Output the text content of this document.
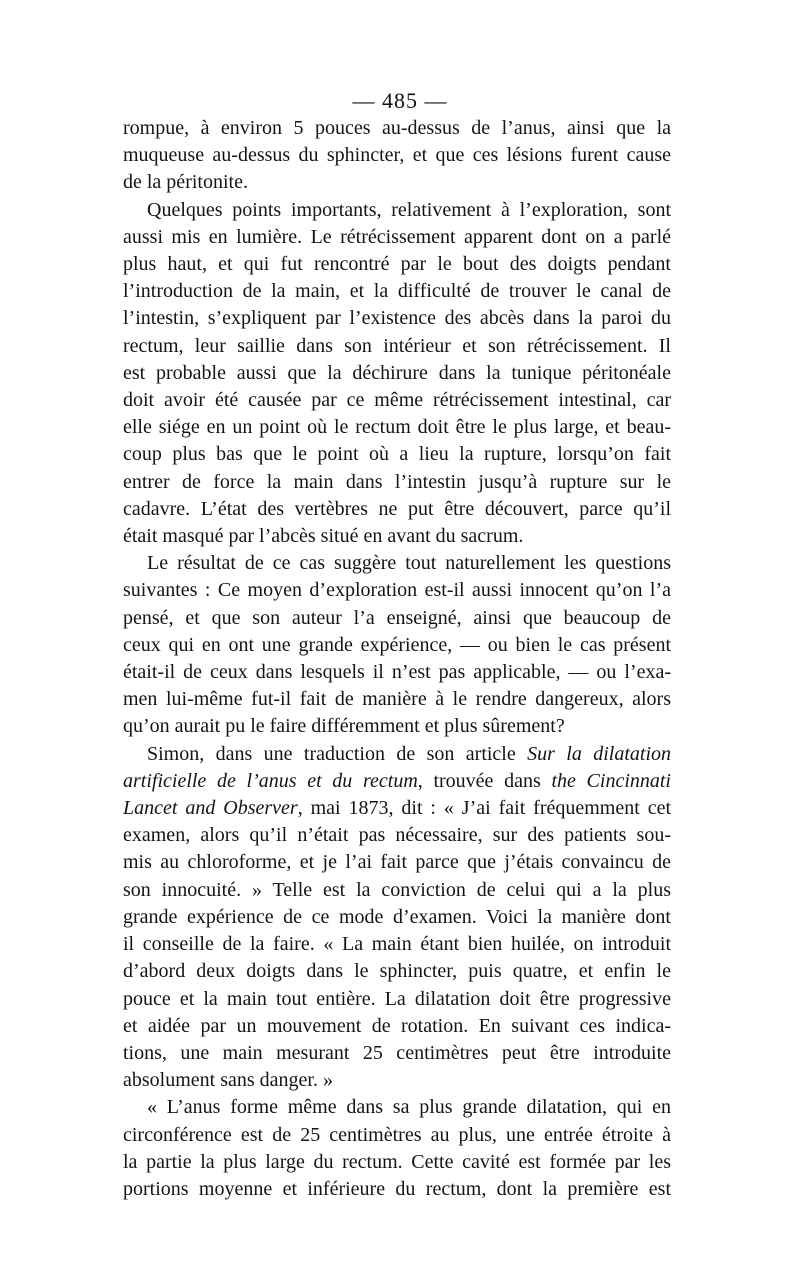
— 485 —
rompue, à environ 5 pouces au-dessus de l’anus, ainsi que la
muqueuse au-dessus du sphincter, et que ces lésions furent cause
de la péritonite.
Quelques points importants, relativement à l’exploration, sont
aussi mis en lumière. Le rétrécissement apparent dont on a parlé
plus haut, et qui fut rencontré par le bout des doigts pendant
l’introduction de la main, et la difficulté de trouver le canal de
l’intestin, s’expliquent par l’existence des abcès dans la paroi du
rectum, leur saillie dans son intérieur et son rétrécissement. Il
est probable aussi que la déchirure dans la tunique péritonéale
doit avoir été causée par ce même rétrécissement intestinal, car
elle siége en un point où le rectum doit être le plus large, et beau-
coup plus bas que le point où a lieu la rupture, lorsqu’on fait
entrer de force la main dans l’intestin jusqu’à rupture sur le
cadavre. L’état des vertèbres ne put être découvert, parce qu’il
était masqué par l’abcès situé en avant du sacrum.
Le résultat de ce cas suggère tout naturellement les questions
suivantes : Ce moyen d’exploration est-il aussi innocent qu’on l’a
pensé, et que son auteur l’a enseigné, ainsi que beaucoup de
ceux qui en ont une grande expérience, — ou bien le cas présent
était-il de ceux dans lesquels il n’est pas applicable, — ou l’exa-
men lui-même fut-il fait de manière à le rendre dangereux, alors
qu’on aurait pu le faire différemment et plus sûrement?
Simon, dans une traduction de son article Sur la dilatation
artificielle de l’anus et du rectum, trouvée dans the Cincinnati
Lancet and Observer, mai 1873, dit : « J’ai fait fréquemment cet
examen, alors qu’il n’était pas nécessaire, sur des patients sou-
mis au chloroforme, et je l’ai fait parce que j’étais convaincu de
son innocuité. » Telle est la conviction de celui qui a la plus
grande expérience de ce mode d’examen. Voici la manière dont
il conseille de la faire. « La main étant bien huilée, on introduit
d’abord deux doigts dans le sphincter, puis quatre, et enfin le
pouce et la main tout entière. La dilatation doit être progressive
et aidée par un mouvement de rotation. En suivant ces indica-
tions, une main mesurant 25 centimètres peut être introduite
absolument sans danger. »
« L’anus forme même dans sa plus grande dilatation, qui en
circonférence est de 25 centimètres au plus, une entrée étroite à
la partie la plus large du rectum. Cette cavité est formée par les
portions moyenne et inférieure du rectum, dont la première est
